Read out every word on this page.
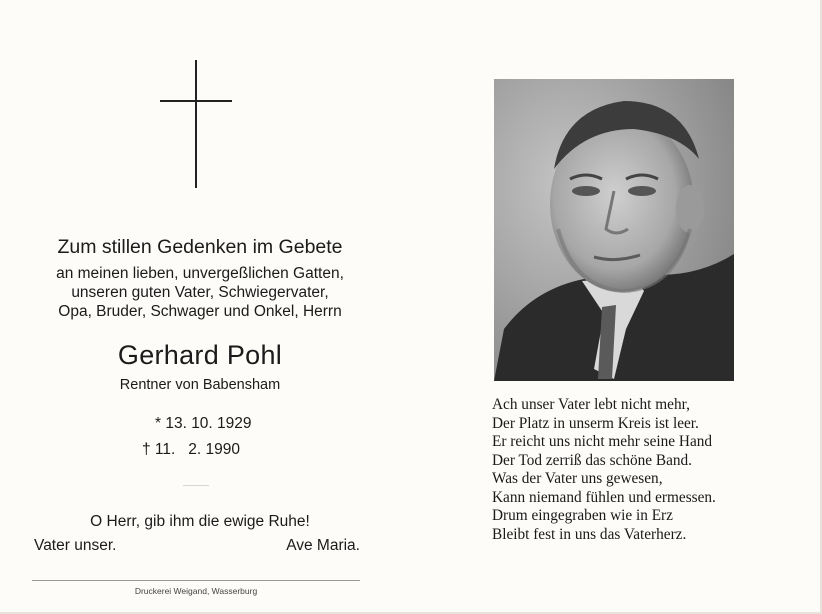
Zum stillen Gedenken im Gebete
an meinen lieben, unvergeßlichen Gatten,
unseren guten Vater, Schwiegervater,
Opa, Bruder, Schwager und Onkel, Herrn
Gerhard Pohl
Rentner von Babensham
* 13. 10. 1929
† 11.   2. 1990
O Herr, gib ihm die ewige Ruhe!
Vater unser.	Ave Maria.
Druckerei Weigand, Wasserburg
Ach unser Vater lebt nicht mehr,
Der Platz in unserm Kreis ist leer.
Er reicht uns nicht mehr seine Hand
Der Tod zerriß das schöne Band.
Was der Vater uns gewesen,
Kann niemand fühlen und ermessen.
Drum eingegraben wie in Erz
Bleibt fest in uns das Vaterherz.
